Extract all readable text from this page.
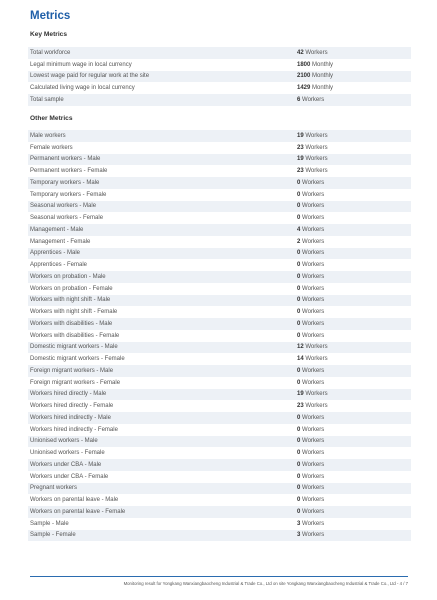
Metrics
Key Metrics
Total workforce	42 Workers
Legal minimum wage in local currency	1800 Monthly
Lowest wage paid for regular work at the site	2100 Monthly
Calculated living wage in local currency	1429 Monthly
Total sample	6 Workers
Other Metrics
Male workers	19 Workers
Female workers	23 Workers
Permanent workers - Male	19 Workers
Permanent workers - Female	23 Workers
Temporary workers - Male	0 Workers
Temporary workers - Female	0 Workers
Seasonal workers - Male	0 Workers
Seasonal workers - Female	0 Workers
Management - Male	4 Workers
Management - Female	2 Workers
Apprentices - Male	0 Workers
Apprentices - Female	0 Workers
Workers on probation - Male	0 Workers
Workers on probation - Female	0 Workers
Workers with night shift - Male	0 Workers
Workers with night shift - Female	0 Workers
Workers with disabilities - Male	0 Workers
Workers with disabilities - Female	0 Workers
Domestic migrant workers - Male	12 Workers
Domestic migrant workers - Female	14 Workers
Foreign migrant workers - Male	0 Workers
Foreign migrant workers - Female	0 Workers
Workers hired directly - Male	19 Workers
Workers hired directly - Female	23 Workers
Workers hired indirectly - Male	0 Workers
Workers hired indirectly - Female	0 Workers
Unionised workers - Male	0 Workers
Unionised workers - Female	0 Workers
Workers under CBA - Male	0 Workers
Workers under CBA - Female	0 Workers
Pregnant workers	0 Workers
Workers on parental leave - Male	0 Workers
Workers on parental leave - Female	0 Workers
Sample - Male	3 Workers
Sample - Female	3 Workers
Monitoring result for Yongkang Wanxiangbaocheng Industrial & Trade Co., Ltd on site Yongkang Wanxiangbaocheng Industrial & Trade Co., Ltd - 4 / 7
